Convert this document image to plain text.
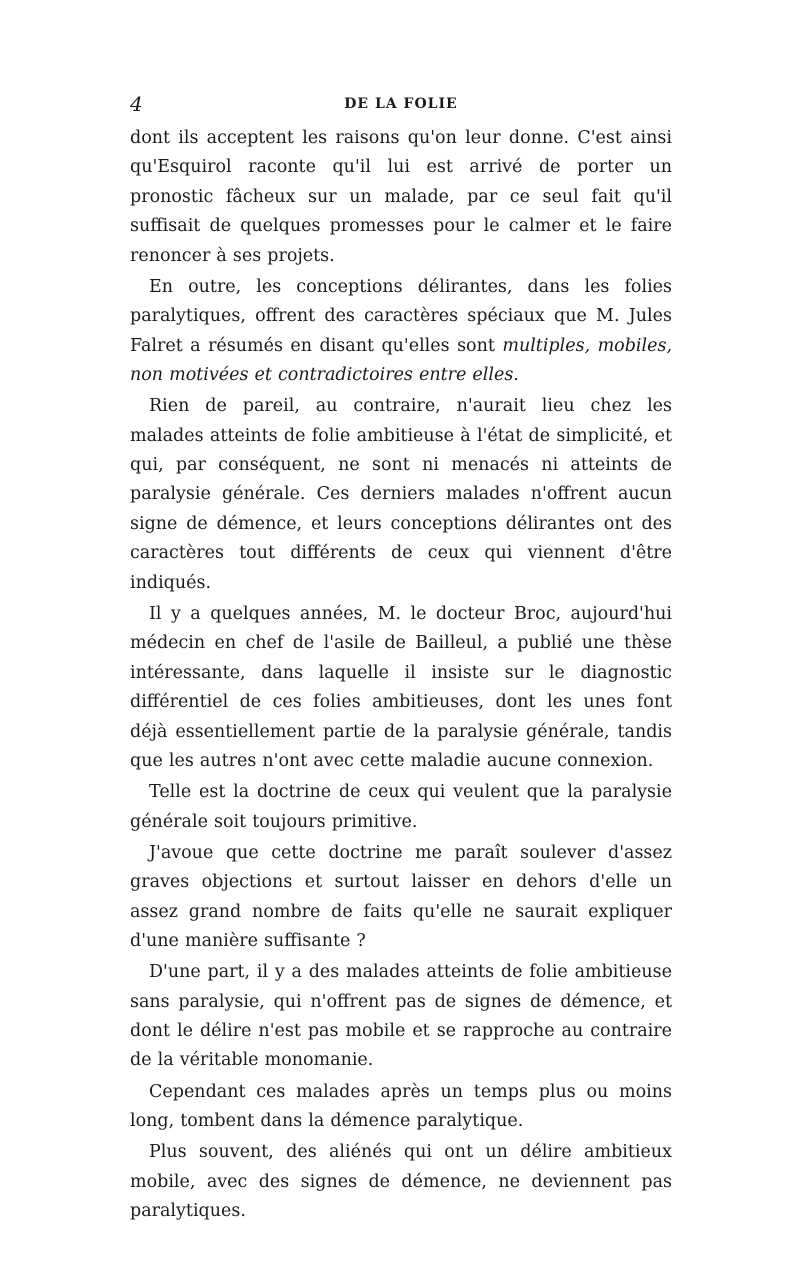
4	DE LA FOLIE

dont ils acceptent les raisons qu'on leur donne. C'est ainsi qu'Esquirol raconte qu'il lui est arrivé de porter un pronostic fâcheux sur un malade, par ce seul fait qu'il suffisait de quelques promesses pour le calmer et le faire renoncer à ses projets.

En outre, les conceptions délirantes, dans les folies paralytiques, offrent des caractères spéciaux que M. Jules Falret a résumés en disant qu'elles sont multiples, mobiles, non motivées et contradictoires entre elles.

Rien de pareil, au contraire, n'aurait lieu chez les malades atteints de folie ambitieuse à l'état de simplicité, et qui, par conséquent, ne sont ni menacés ni atteints de paralysie générale. Ces derniers malades n'offrent aucun signe de démence, et leurs conceptions délirantes ont des caractères tout différents de ceux qui viennent d'être indiqués.

Il y a quelques années, M. le docteur Broc, aujourd'hui médecin en chef de l'asile de Bailleul, a publié une thèse intéressante, dans laquelle il insiste sur le diagnostic différentiel de ces folies ambitieuses, dont les unes font déjà essentiellement partie de la paralysie générale, tandis que les autres n'ont avec cette maladie aucune connexion.

Telle est la doctrine de ceux qui veulent que la paralysie générale soit toujours primitive.

J'avoue que cette doctrine me paraît soulever d'assez graves objections et surtout laisser en dehors d'elle un assez grand nombre de faits qu'elle ne saurait expliquer d'une manière suffisante ?

D'une part, il y a des malades atteints de folie ambitieuse sans paralysie, qui n'offrent pas de signes de démence, et dont le délire n'est pas mobile et se rapproche au contraire de la véritable monomanie.

Cependant ces malades après un temps plus ou moins long, tombent dans la démence paralytique.

Plus souvent, des aliénés qui ont un délire ambitieux mobile, avec des signes de démence, ne deviennent pas paralytiques.
